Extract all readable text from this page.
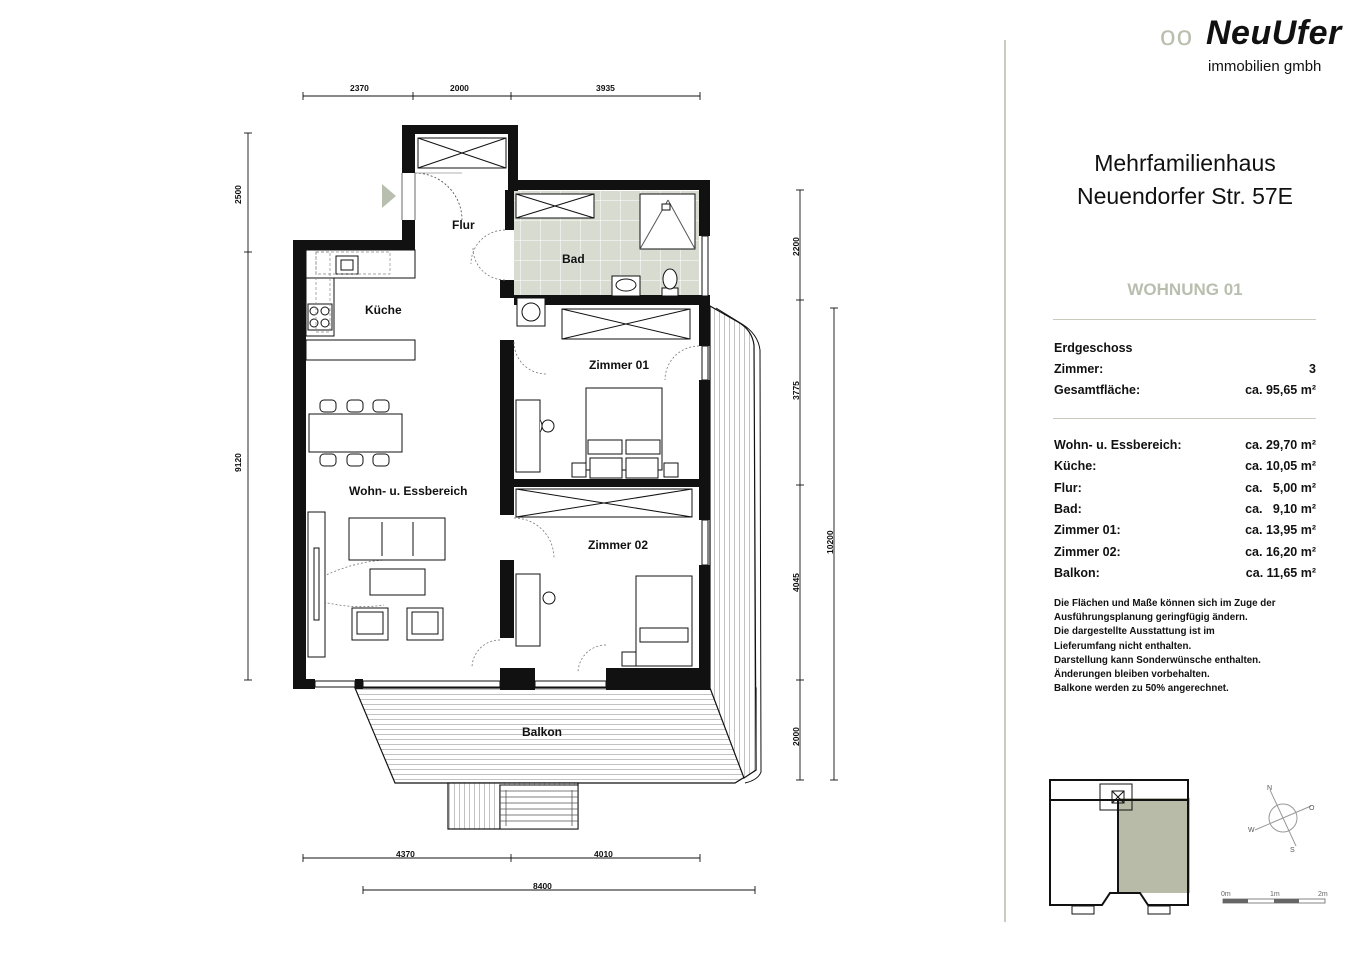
Flur
Bad
Küche
Zimmer 01
Wohn- u. Essbereich
Zimmer 02
Balkon
2370	2000	3935
4370	4010
8400
2500
9120
2200
3775
4045
2000
10200
N
O
S
W
0m	1m	2m
oo NeuUfer
immobilien gmbh
Mehrfamilienhaus
Neuendorfer Str. 57E
WOHNUNG 01
Erdgeschoss
Zimmer:	3
Gesamtfläche:	ca. 95,65 m²
Wohn- u. Essbereich:	ca. 29,70 m²
Küche:	ca. 10,05 m²
Flur:	ca.   5,00 m²
Bad:	ca.   9,10 m²
Zimmer 01:	ca. 13,95 m²
Zimmer 02:	ca. 16,20 m²
Balkon:	ca. 11,65 m²
Die Flächen und Maße können sich im Zuge der
Ausführungsplanung geringfügig ändern.
Die dargestellte Ausstattung ist im
Lieferumfang nicht enthalten.
Darstellung kann Sonderwünsche enthalten.
Änderungen bleiben vorbehalten.
Balkone werden zu 50% angerechnet.
